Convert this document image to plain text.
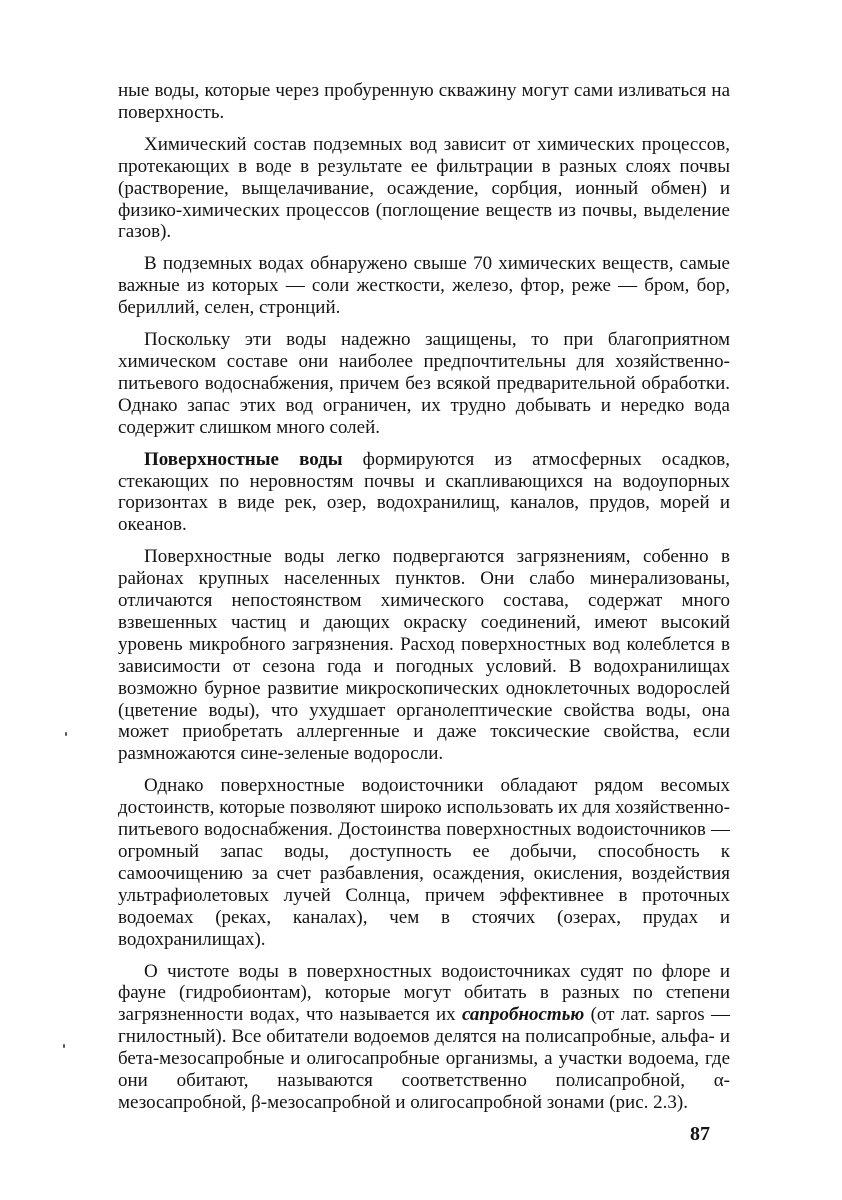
ные воды, которые через пробуренную скважину могут сами изливаться на поверхность.

Химический состав подземных вод зависит от химических процессов, протекающих в воде в результате ее фильтрации в разных слоях почвы (растворение, выщелачивание, осаждение, сорбция, ионный обмен) и физико-химических процессов (поглощение веществ из почвы, выделение газов).

В подземных водах обнаружено свыше 70 химических веществ, самые важные из которых — соли жесткости, железо, фтор, реже — бром, бор, бериллий, селен, стронций.

Поскольку эти воды надежно защищены, то при благоприятном химическом составе они наиболее предпочтительны для хозяйственно-питьевого водоснабжения, причем без всякой предварительной обработки. Однако запас этих вод ограничен, их трудно добывать и нередко вода содержит слишком много солей.

Поверхностные воды формируются из атмосферных осадков, стекающих по неровностям почвы и скапливающихся на водоупорных горизонтах в виде рек, озер, водохранилищ, каналов, прудов, морей и океанов.

Поверхностные воды легко подвергаются загрязнениям, собенно в районах крупных населенных пунктов. Они слабо минерализованы, отличаются непостоянством химического состава, содержат много взвешенных частиц и дающих окраску соединений, имеют высокий уровень микробного загрязнения. Расход поверхностных вод колеблется в зависимости от сезона года и погодных условий. В водохранилищах возможно бурное развитие микроскопических одноклеточных водорослей (цветение воды), что ухудшает органолептические свойства воды, она может приобретать аллергенные и даже токсические свойства, если размножаются сине-зеленые водоросли.

Однако поверхностные водоисточники обладают рядом весомых достоинств, которые позволяют широко использовать их для хозяйственно-питьевого водоснабжения. Достоинства поверхностных водоисточников — огромный запас воды, доступность ее добычи, способность к самоочищению за счет разбавления, осаждения, окисления, воздействия ультрафиолетовых лучей Солнца, причем эффективнее в проточных водоемах (реках, каналах), чем в стоячих (озерах, прудах и водохранилищах).

О чистоте воды в поверхностных водоисточниках судят по флоре и фауне (гидробионтам), которые могут обитать в разных по степени загрязненности водах, что называется их сапробностью (от лат. sapros — гнилостный). Все обитатели водоемов делятся на полисапробные, альфа- и бета-мезосапробные и олигосапробные организмы, а участки водоема, где они обитают, называются соответственно полисапробной, α-мезосапробной, β-мезосапробной и олигосапробной зонами (рис. 2.3).

87
